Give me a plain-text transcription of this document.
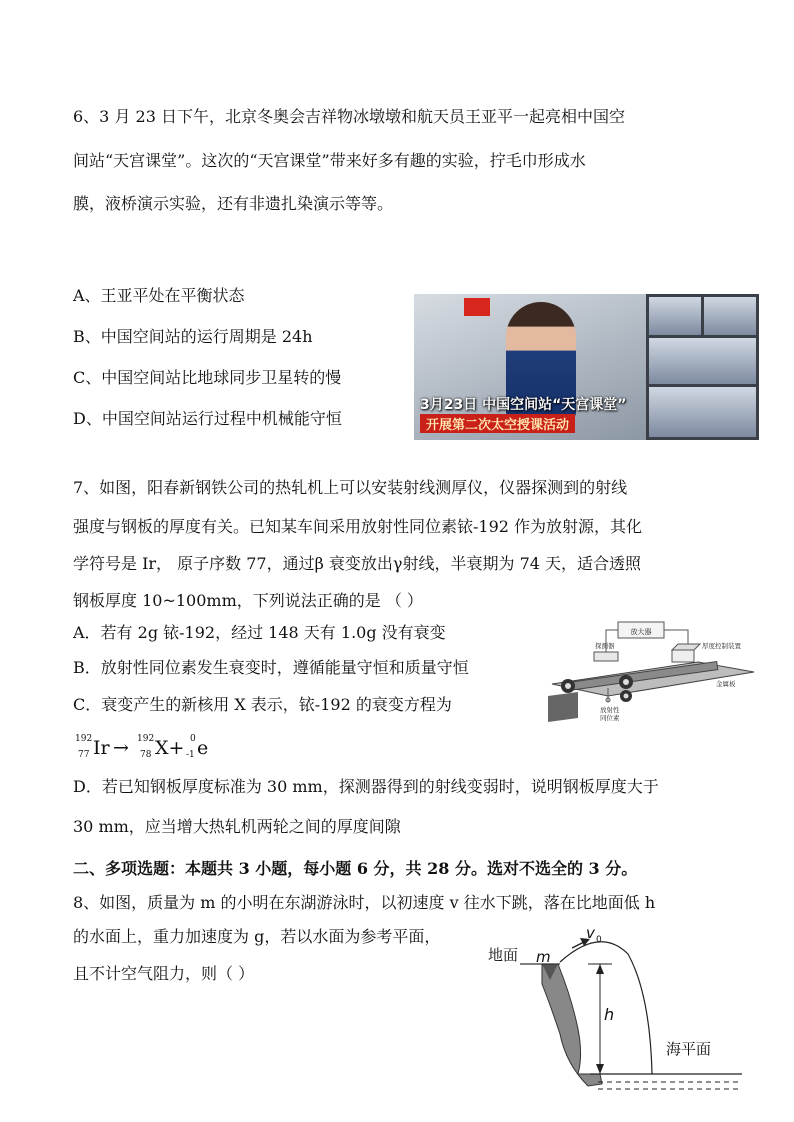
6、3 月 23 日下午，北京冬奥会吉祥物冰墩墩和航天员王亚平一起亮相中国空
间站“天宫课堂”。这次的“天宫课堂”带来好多有趣的实验，拧毛巾形成水
膜，液桥演示实验，还有非遗扎染演示等等。
A、王亚平处在平衡状态
B、中国空间站的运行周期是 24h
C、中国空间站比地球同步卫星转的慢
D、中国空间站运行过程中机械能守恒
3月23日 中国空间站“天宫课堂”
开展第二次太空授课活动
7、如图，阳春新钢铁公司的热轧机上可以安装射线测厚仪，仪器探测到的射线
强度与钢板的厚度有关。已知某车间采用放射性同位素铱-192 作为放射源，其化
学符号是 Ir， 原子序数 77，通过β 衰变放出γ射线，半衰期为 74 天，适合透照
钢板厚度 10~100mm，下列说法正确的是 （ ）
A．若有 2g 铱-192，经过 148 天有 1.0g 没有衰变
B．放射性同位素发生衰变时，遵循能量守恒和质量守恒
C．衰变产生的新核用 X 表示，铱-192 的衰变方程为
192
77 Ir → 192
78 X+ 0
-1 e
D．若已知钢板厚度标准为 30 mm，探测器得到的射线变弱时，说明钢板厚度大于
30 mm，应当增大热轧机两轮之间的厚度间隙
放大器
探测器	厚度控制装置
金属板
放射性同位素
二、多项选题：本题共 3 小题，每小题 6 分，共 28 分。选对不选全的 3 分。
8、如图，质量为 m 的小明在东湖游泳时，以初速度 v 往水下跳，落在比地面低 h
的水面上，重力加速度为 g，若以水面为参考平面，
且不计空气阻力，则（ ）
地面 m
v 0
h
海平面
